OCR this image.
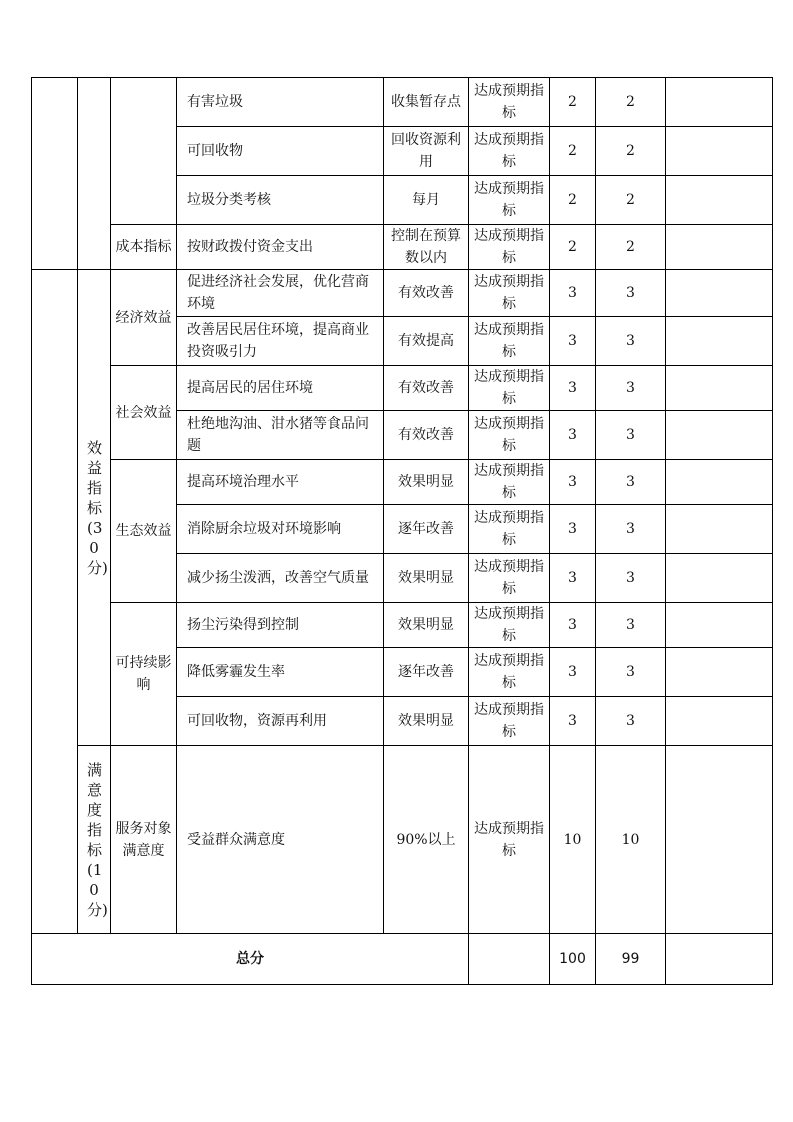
			有害垃圾	收集暂存点	达成预期指标	2	2	
			可回收物	回收资源利用	达成预期指标	2	2	
			垃圾分类考核	每月	达成预期指标	2	2	
		成本指标	按财政拨付资金支出	控制在预算数以内	达成预期指标	2	2	

	效益指标(30分)	经济效益	促进经济社会发展，优化营商环境	有效改善	达成预期指标	3	3	
			改善居民居住环境，提高商业投资吸引力	有效提高	达成预期指标	3	3	
		社会效益	提高居民的居住环境	有效改善	达成预期指标	3	3	
			杜绝地沟油、泔水猪等食品问题	有效改善	达成预期指标	3	3	
		生态效益	提高环境治理水平	效果明显	达成预期指标	3	3	
			消除厨余垃圾对环境影响	逐年改善	达成预期指标	3	3	
			减少扬尘泼洒，改善空气质量	效果明显	达成预期指标	3	3	
		可持续影响	扬尘污染得到控制	效果明显	达成预期指标	3	3	
			降低雾霾发生率	逐年改善	达成预期指标	3	3	
			可回收物，资源再利用	效果明显	达成预期指标	3	3	

	满意度指标(10分)	服务对象满意度	受益群众满意度	90%以上	达成预期指标	10	10	
总分						100	99	
